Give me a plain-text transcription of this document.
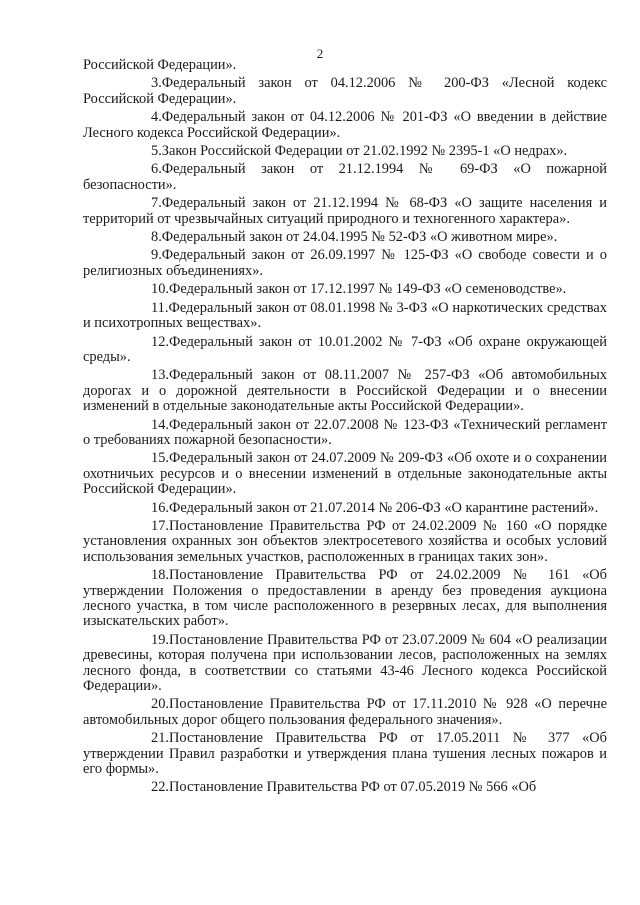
2

Российской Федерации».

3.Федеральный закон от 04.12.2006 № 200-ФЗ «Лесной кодекс Российской Федерации».

4.Федеральный закон от 04.12.2006 № 201-ФЗ «О введении в действие Лесного кодекса Российской Федерации».

5.Закон Российской Федерации от 21.02.1992 № 2395-1 «О недрах».

6.Федеральный закон от 21.12.1994 № 69-ФЗ «О пожарной безопасности».

7.Федеральный закон от 21.12.1994 № 68-ФЗ «О защите населения и территорий от чрезвычайных ситуаций природного и техногенного характера».

8.Федеральный закон от 24.04.1995 № 52-ФЗ «О животном мире».

9.Федеральный закон от 26.09.1997 № 125-ФЗ «О свободе совести и о религиозных объединениях».

10.Федеральный закон от 17.12.1997 № 149-ФЗ «О семеноводстве».

11.Федеральный закон от 08.01.1998 № 3-ФЗ «О наркотических средствах и психотропных веществах».

12.Федеральный закон от 10.01.2002 № 7-ФЗ «Об охране окружающей среды».

13.Федеральный закон от 08.11.2007 № 257-ФЗ «Об автомобильных дорогах и о дорожной деятельности в Российской Федерации и о внесении изменений в отдельные законодательные акты Российской Федерации».

14.Федеральный закон от 22.07.2008 № 123-ФЗ «Технический регламент о требованиях пожарной безопасности».

15.Федеральный закон от 24.07.2009 № 209-ФЗ «Об охоте и о сохранении охотничьих ресурсов и о внесении изменений в отдельные законодательные акты Российской Федерации».

16.Федеральный закон от 21.07.2014 № 206-ФЗ «О карантине растений».

17.Постановление Правительства РФ от 24.02.2009 № 160 «О порядке установления охранных зон объектов электросетевого хозяйства и особых условий использования земельных участков, расположенных в границах таких зон».

18.Постановление Правительства РФ от 24.02.2009 № 161 «Об утверждении Положения о предоставлении в аренду без проведения аукциона лесного участка, в том числе расположенного в резервных лесах, для выполнения изыскательских работ».

19.Постановление Правительства РФ от 23.07.2009 № 604 «О реализации древесины, которая получена при использовании лесов, расположенных на землях лесного фонда, в соответствии со статьями 43-46 Лесного кодекса Российской Федерации».

20.Постановление Правительства РФ от 17.11.2010 № 928 «О перечне автомобильных дорог общего пользования федерального значения».

21.Постановление Правительства РФ от 17.05.2011 № 377 «Об утверждении Правил разработки и утверждения плана тушения лесных пожаров и его формы».

22.Постановление Правительства РФ от 07.05.2019 № 566 «Об
